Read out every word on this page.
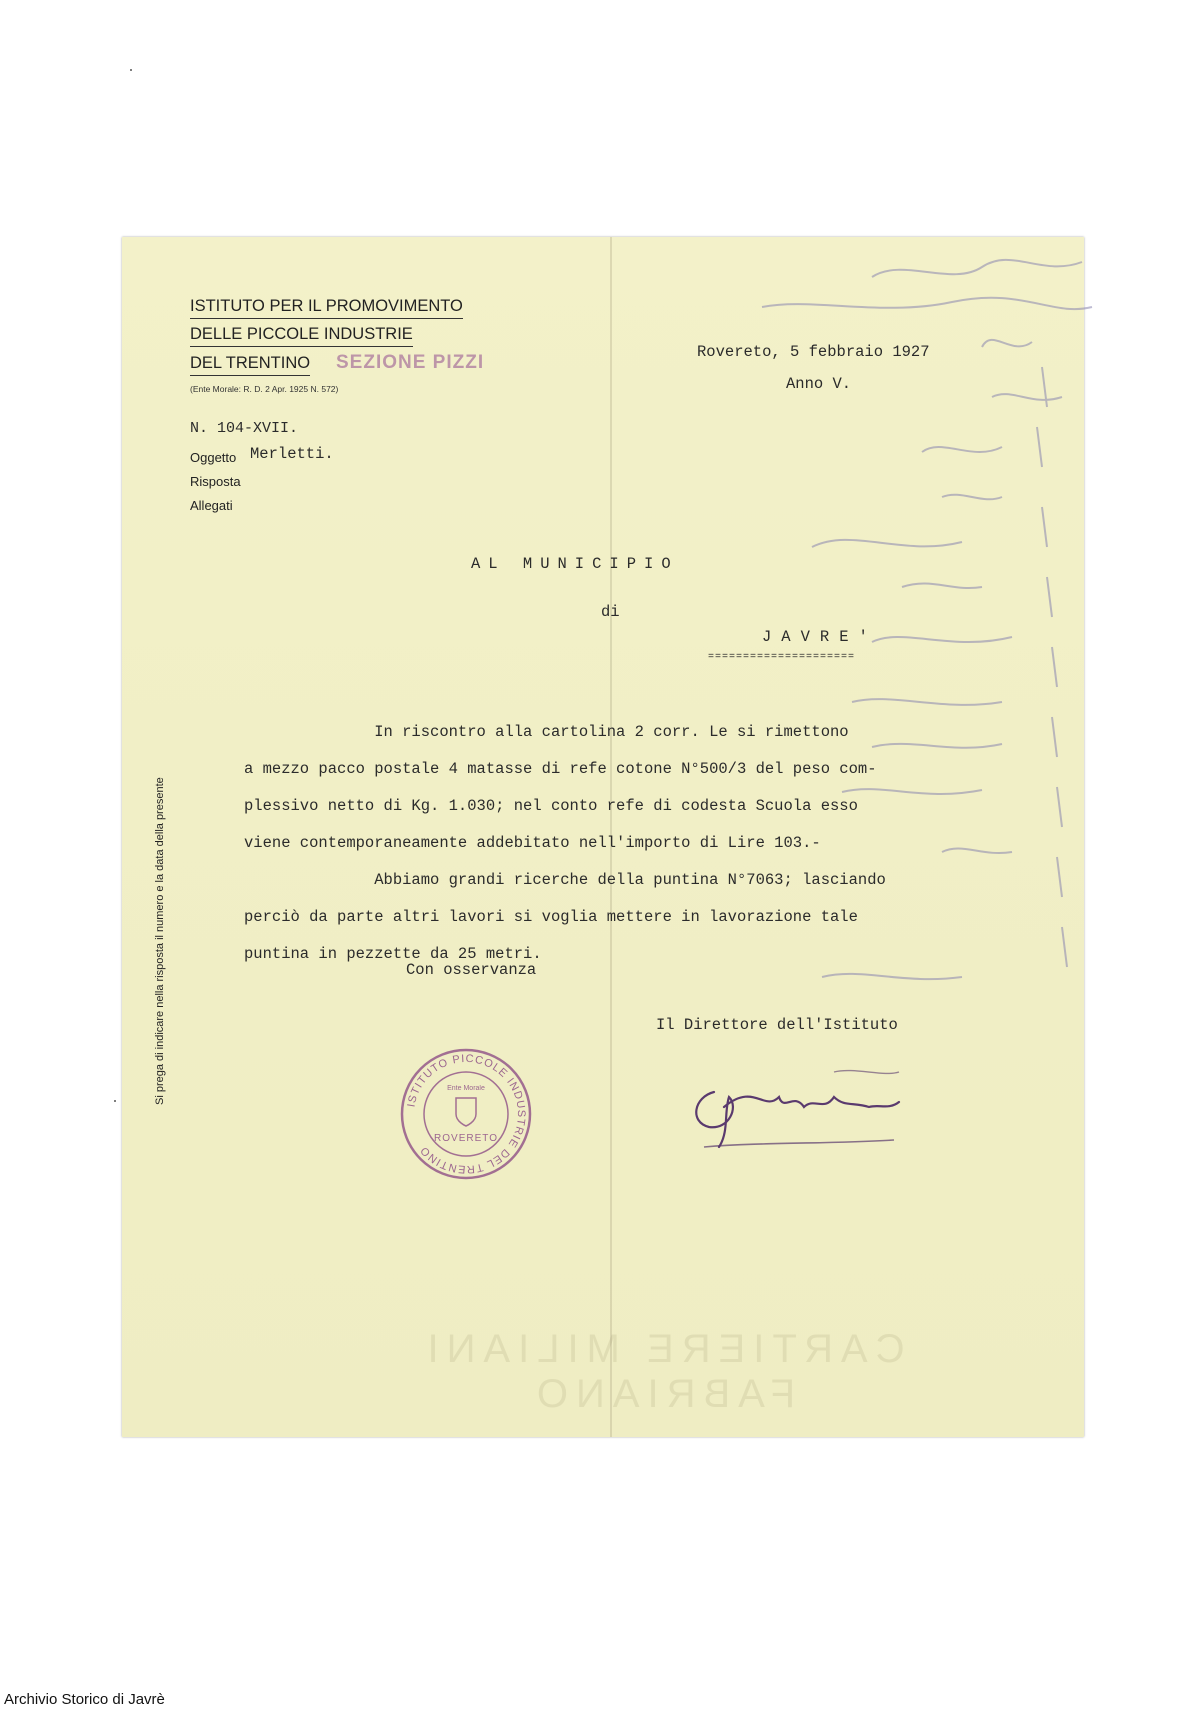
CARTIERE MILIANI FABRIANO
ISTITUTO PER IL PROMOVIMENTO
DELLE PICCOLE INDUSTRIE
DEL TRENTINO	SEZIONE PIZZI
(Ente Morale: R. D. 2 Apr. 1925 N. 572)
N. 104-XVII.
Oggetto
Risposta
Allegati
Merletti.
Rovereto, 5 febbraio 1927
Anno V.
AL MUNICIPIO
di
JAVRE'
=====================
In riscontro alla cartolina 2 corr. Le si rimettono
a mezzo pacco postale 4 matasse di refe cotone N°500/3 del peso com-
plessivo netto di Kg. 1.030; nel conto refe di codesta Scuola esso
viene contemporaneamente addebitato nell'importo di Lire 103.-
Abbiamo grandi ricerche della puntina N°7063; lasciando
perciò da parte altri lavori si voglia mettere in lavorazione tale
puntina in pezzette da 25 metri.
Con osservanza
Il Direttore dell'Istituto
Si prega di indicare nella risposta il numero e la data della presente
ISTITUTO PICCOLE INDUSTRIE DEL TRENTINO
Ente Morale
ROVERETO
Archivio Storico di Javrè
